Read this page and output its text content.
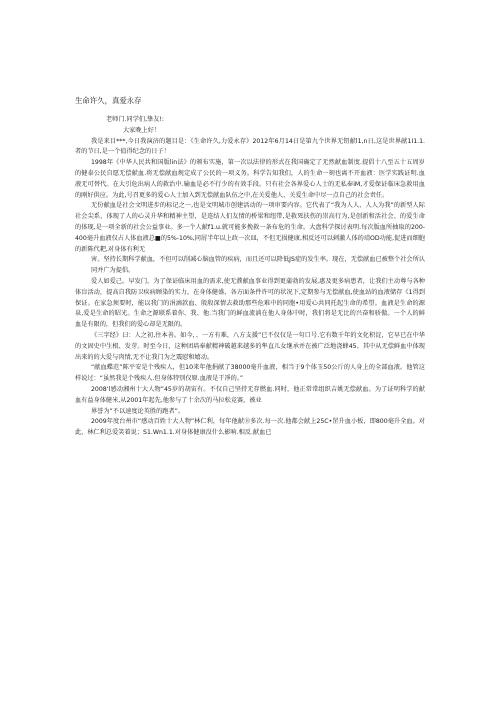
生命许久，真爱永存

老师门.同学们,挚友!:

大家晚上好！

我是来目***,今日我演济的题目是：《生命许久,力爱永存》2012年6月14日是第九个世界无钮献l1,n日,这是世界献1I1.1.者的节日,是一个值得纪念的日子！

1998年《中华人民共和国版lin法》的颁布实施，第一次以法律的形式在我国确定了无然献血制度.提倡十八至五十五周岁的健泰公民自愿无偿献血.将无偿献血规定成了公民的一项义务。科学告知我们，人的生命一刻也离不开血液：医学实践证明.血液无可替代。在大引危出病人的救治中.输血是必不行少的有效手段。只有社会各界爱心人士的无私奉iM,才爱保证临床急救用血的刚好供应。为此,号召更多的爱心人士加入到无偿献血队伍之中,在关爱他人、关爱生命中尽一点自己的社会责任。

无份献血是社会文明进步的标记之一,也是文明城市创建活动的一项审要内容。它代表了“我为人人、人人为我”的新型人际社会尖系，体现了人的心灵升华和精神主望，是连结人们友情的桥梁和纽带,是救死扶伤的崇高行为,是创新和活社会、的爱生命的体现,是一项全新的社会公益事业。多一个人献f1.u.就可能多挽救一条布危的生命。大盘科学探讨表明.每次版血所抽取的200-400毫升血液仅占人体血液总■的5%-10%,同屑半年以上政一次皿，不但无损健康,相反还可以刺激人体的靖OD功能,促进而细胞的新陈代耙,对身体有利无

害。坚持长期科学献血，不但可以削减心脑血管的疾病，而且还可以降低JS症的发生率。现在，无偿献血已被整个社会所认同并广为提倡。

爱人如爱己。早发门，为了保证临床用血的需求,使无濮献血事业得到更蒲勃的发展,惠及更多病患者，让我们主动尊与各种体盲活动，提高自我防卫疾病顾染的实力，在身体健盛、各方面条件许可的状况下,定期参与无偿献血,使血站的血液储存《1得到保证。在家急须要时，能以我门的涓滴款血、殷殷深情去救助那些危难中的同胞•用爱心共同托起生命的希望。血液是生命的源泉,爱是生命的昭光。生命之源联系着你、我、他.当我门的鲜血流淌在他人身体中时，我们将是无比的兴奋和骄傲。一个人的鲜血是有限的，但我们的爱心却是无限的。

《三字经》曰：人之初,住本善。如今，、一方有难，八方支援”已不仅仅是一句口号.它有数千年的文化积淀，它早已在中华的文固史中生根、发芽。时至今日，这种团培奉献精神破越来越多的隼直儿女继承并在被广泛地浇蜂45。其中从无偿鲜血中体现出来的的大爱与肉情,无不让我门为之震慰和嬉动。

“献血蝶范”陈平安是个残疾人，但10来年他捐献了38000毫升血液，相当于9个体玉50公斤的人身上的全部血液。他管这样说过：“虽然我是个残疾人.但身体特别仅原.血液是干凈的。”

2008‘l感动湘州十大人物”45岁的胡宙有。不仅自己坚持无存燃血.同时，他正常常组织吉姚无偿献血。为了证明科学的献血有益身体健米,从2001年起先,他参与了十余次的马拉松竞赛，被业

界誉为”不以速度论英胜的跑者”。

2009年度台州市“感动百姓十大人物”林仁利，每年他献⑪多次.每一次.他都会献上25C•罡升血小板，即800毫升全血。对此，林仁利总爱笑着说；S1.Wn1.1.对身体健康没什么影响.相反.献血已
